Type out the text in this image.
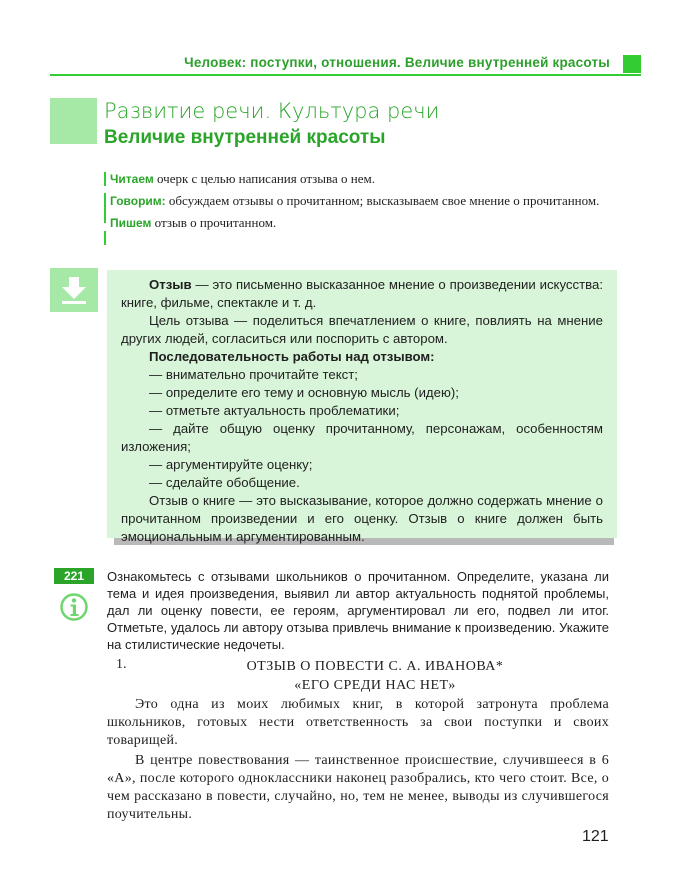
Человек: поступки, отношения. Величие внутренней красоты
Развитие речи. Культура речи
Величие внутренней красоты
Читаем очерк с целью написания отзыва о нем.
Говорим: обсуждаем отзывы о прочитанном; высказываем свое мнение о прочитанном.
Пишем отзыв о прочитанном.

Отзыв — это письменно высказанное мнение о произведении искусства: книге, фильме, спектакле и т. д.

Цель отзыва — поделиться впечатлением о книге, повлиять на мнение других людей, согласиться или поспорить с автором.

Последовательность работы над отзывом:

— внимательно прочитайте текст;

— определите его тему и основную мысль (идею);

— отметьте актуальность проблематики;

— дайте общую оценку прочитанному, персонажам, особенностям изложения;

— аргументируйте оценку;

— сделайте обобщение.

Отзыв о книге — это высказывание, которое должно содержать мнение о прочитанном произведении и его оценку. Отзыв о книге должен быть эмоциональным и аргументированным.

221	Ознакомьтесь с отзывами школьников о прочитанном. Определите, указана ли тема и идея произведения, выявил ли автор актуальность поднятой проблемы, дал ли оценку повести, ее героям, аргументировал ли его, подвел ли итог. Отметьте, удалось ли автору отзыва привлечь внимание к произведению. Укажите на стилистические недочеты.
1.	ОТЗЫВ О ПОВЕСТИ С. А. ИВАНОВА*
«ЕГО СРЕДИ НАС НЕТ»

Это одна из моих любимых книг, в которой затронута проблема школьников, готовых нести ответственность за свои поступки и своих товарищей.

В центре повествования — таинственное происшествие, случившееся в 6 «А», после которого одноклассники наконец разобрались, кто чего стоит. Все, о чем рассказано в повести, случайно, но, тем не менее, выводы из случившегося поучительны.

121
